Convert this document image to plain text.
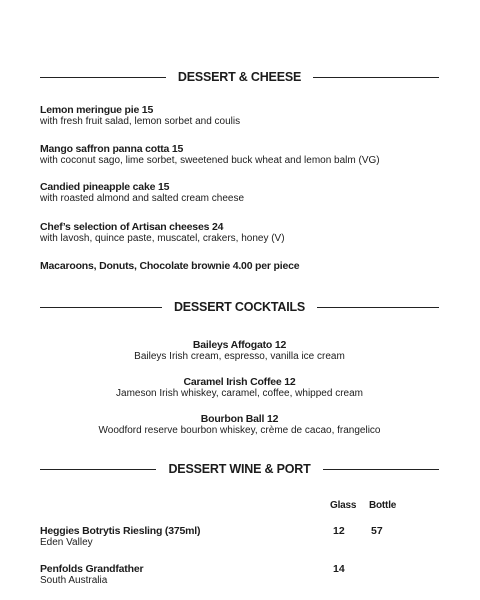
DESSERT & CHEESE
Lemon meringue pie 15
with fresh fruit salad, lemon sorbet and coulis
Mango saffron panna cotta 15
with coconut sago, lime sorbet, sweetened buck wheat and lemon balm (VG)
Candied pineapple cake 15
with roasted almond and salted cream cheese
Chef’s selection of Artisan cheeses 24
with lavosh, quince paste, muscatel, crakers, honey (V)
Macaroons, Donuts, Chocolate brownie 4.00 per piece
DESSERT COCKTAILS
Baileys Affogato 12
Baileys Irish cream, espresso, vanilla ice cream
Caramel Irish Coffee 12
Jameson Irish whiskey, caramel, coffee, whipped cream
Bourbon Ball 12
Woodford reserve bourbon whiskey, crème de cacao, frangelico
DESSERT WINE & PORT
Glass Bottle
Heggies Botrytis Riesling (375ml)
Eden Valley
12	57
Penfolds Grandfather
South Australia
14
